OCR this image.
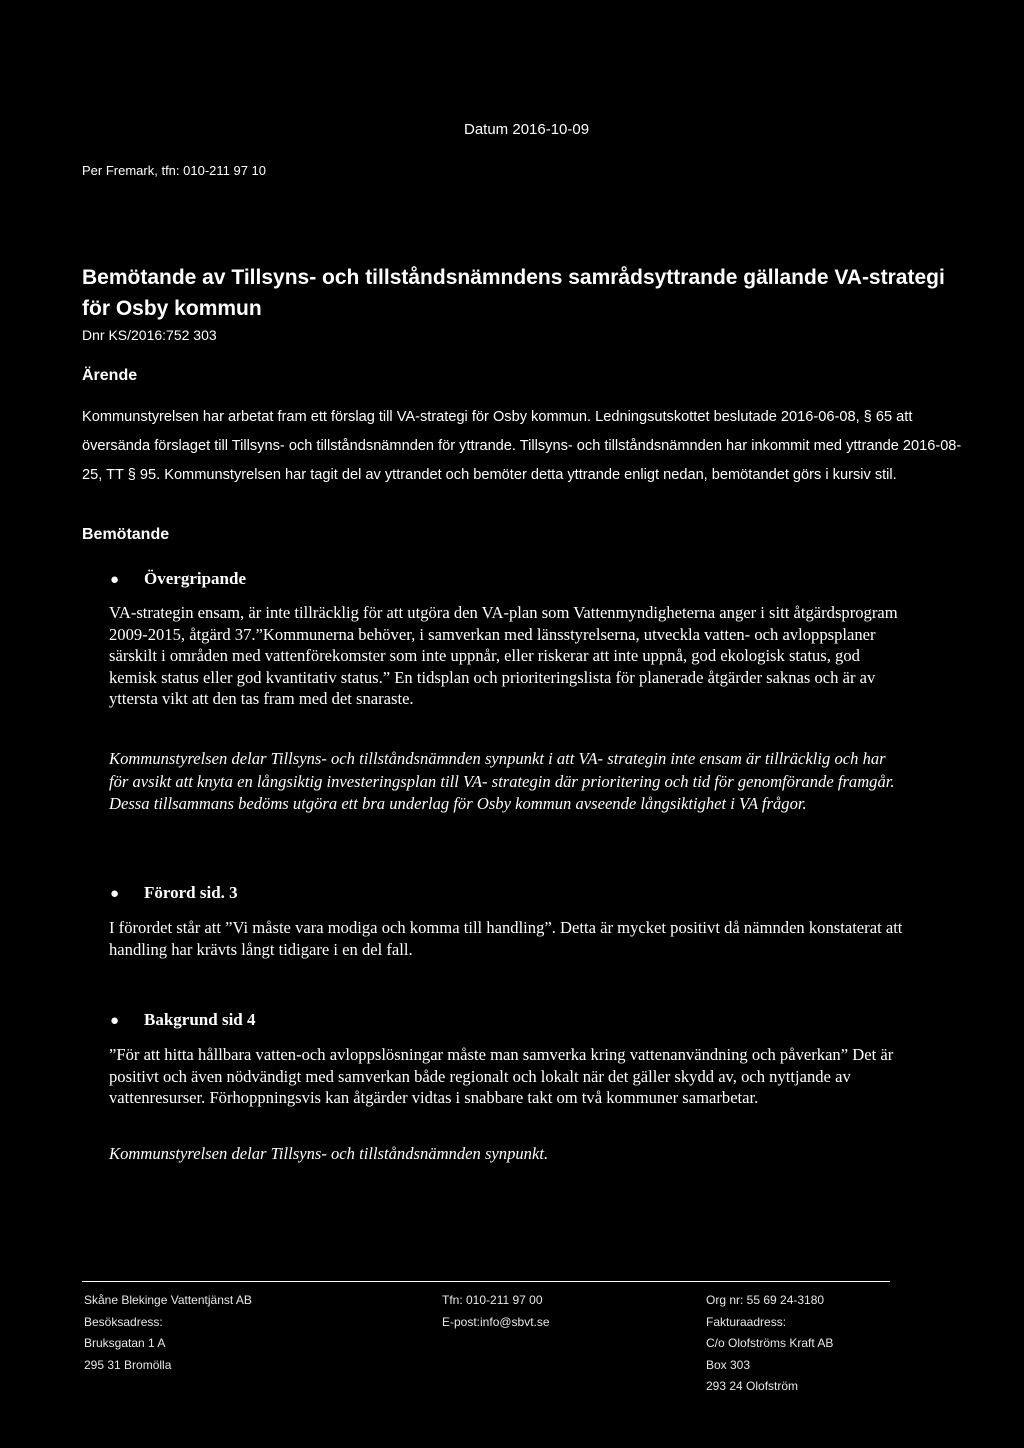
Datum 2016-10-09
Per Fremark, tfn: 010-211 97 10
Bemötande av Tillsyns- och tillståndsnämndens samrådsyttrande gällande VA-strategi för Osby kommun
Dnr KS/2016:752 303
Ärende

Kommunstyrelsen har arbetat fram ett förslag till VA-strategi för Osby kommun. Ledningsutskottet beslutade 2016-06-08, § 65 att översända förslaget till Tillsyns- och tillståndsnämnden för yttrande. Tillsyns- och tillståndsnämnden har inkommit med yttrande 2016-08-25, TT § 95. Kommunstyrelsen har tagit del av yttrandet och bemöter detta yttrande enligt nedan, bemötandet görs i kursiv stil.

Bemötande
● Övergripande

VA-strategin ensam, är inte tillräcklig för att utgöra den VA-plan som Vattenmyndigheterna anger i sitt åtgärdsprogram 2009-2015, åtgärd 37.”Kommunerna behöver, i samverkan med länsstyrelserna, utveckla vatten- och avloppsplaner särskilt i områden med vattenförekomster som inte uppnår, eller riskerar att inte uppnå, god ekologisk status, god kemisk status eller god kvantitativ status.” En tidsplan och prioriteringslista för planerade åtgärder saknas och är av yttersta vikt att den tas fram med det snaraste.

Kommunstyrelsen delar Tillsyns- och tillståndsnämnden synpunkt i att VA- strategin inte ensam är tillräcklig och har för avsikt att knyta en långsiktig investeringsplan till VA- strategin där prioritering och tid för genomförande framgår. Dessa tillsammans bedöms utgöra ett bra underlag för Osby kommun avseende långsiktighet i VA frågor.

● Förord sid. 3

I förordet står att ”Vi måste vara modiga och komma till handling”. Detta är mycket positivt då nämnden konstaterat att handling har krävts långt tidigare i en del fall.

● Bakgrund sid 4

”För att hitta hållbara vatten-och avloppslösningar måste man samverka kring vattenanvändning och påverkan” Det är positivt och även nödvändigt med samverkan både regionalt och lokalt när det gäller skydd av, och nyttjande av vattenresurser. Förhoppningsvis kan åtgärder vidtas i snabbare takt om två kommuner samarbetar.

Kommunstyrelsen delar Tillsyns- och tillståndsnämnden synpunkt.

Skåne Blekinge Vattentjänst AB
Besöksadress:
Bruksgatan 1 A
295 31 Bromölla
Tfn: 010-211 97 00
E-post:info@sbvt.se
Org nr: 55 69 24-3180
Fakturaadress:
C/o Olofströms Kraft AB
Box 303
293 24 Olofström
